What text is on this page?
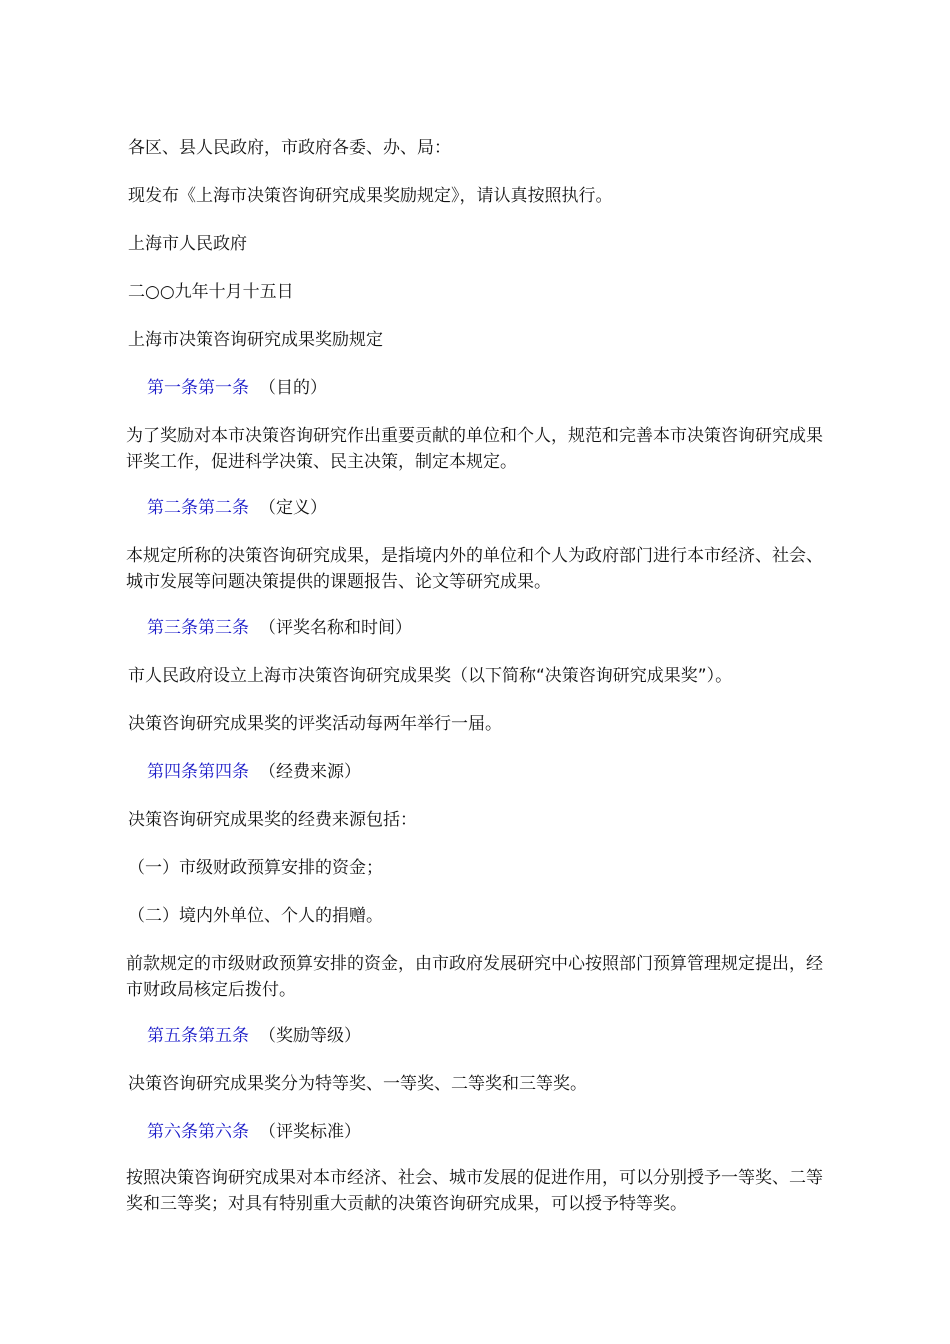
各区、县人民政府，市政府各委、办、局：
现发布《上海市决策咨询研究成果奖励规定》，请认真按照执行。
上海市人民政府
二○○九年十月十五日
上海市决策咨询研究成果奖励规定
第一条第一条 （目的）
为了奖励对本市决策咨询研究作出重要贡献的单位和个人，规范和完善本市决策咨询研究成果评奖工作，促进科学决策、民主决策，制定本规定。
第二条第二条 （定义）
本规定所称的决策咨询研究成果，是指境内外的单位和个人为政府部门进行本市经济、社会、城市发展等问题决策提供的课题报告、论文等研究成果。
第三条第三条 （评奖名称和时间）
市人民政府设立上海市决策咨询研究成果奖（以下简称“决策咨询研究成果奖”）。
决策咨询研究成果奖的评奖活动每两年举行一届。
第四条第四条 （经费来源）
决策咨询研究成果奖的经费来源包括：
（一）市级财政预算安排的资金；
（二）境内外单位、个人的捐赠。
前款规定的市级财政预算安排的资金，由市政府发展研究中心按照部门预算管理规定提出，经市财政局核定后拨付。
第五条第五条 （奖励等级）
决策咨询研究成果奖分为特等奖、一等奖、二等奖和三等奖。
第六条第六条 （评奖标准）
按照决策咨询研究成果对本市经济、社会、城市发展的促进作用，可以分别授予一等奖、二等奖和三等奖；对具有特别重大贡献的决策咨询研究成果，可以授予特等奖。
